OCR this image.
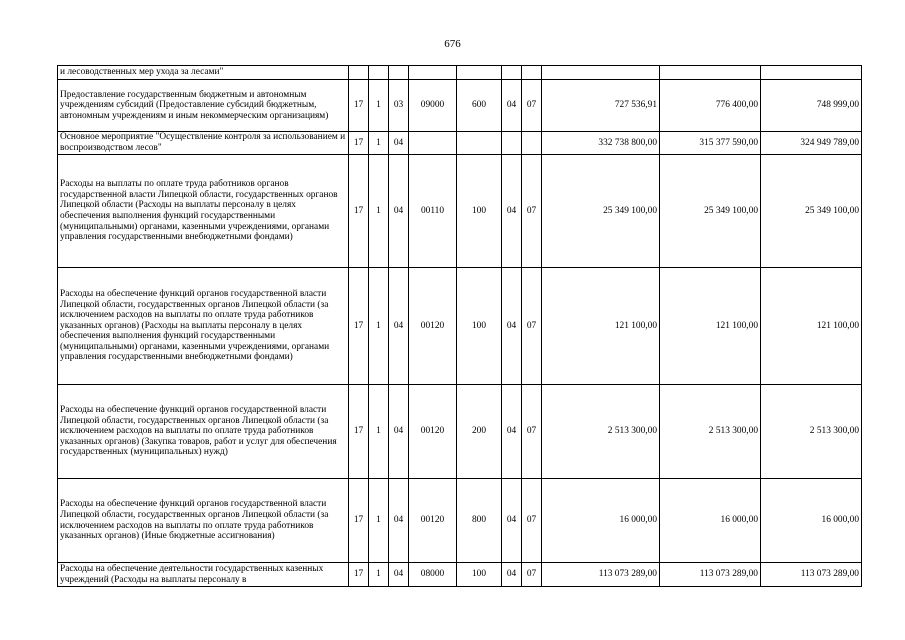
676
и лесоводственных мер ухода за лесами"										
Предоставление государственным бюджетным и автономным учреждениям субсидий (Предоставление субсидий бюджетным, автономным учреждениям и иным некоммерческим организациям)	17	1	03	09000	600	04	07	727 536,91	776 400,00	748 999,00
Основное мероприятие "Осуществление контроля за использованием и воспроизводством лесов"	17	1	04					332 738 800,00	315 377 590,00	324 949 789,00
Расходы на выплаты по оплате труда работников органов государственной власти Липецкой области, государственных органов Липецкой области (Расходы на выплаты персоналу в целях обеспечения выполнения функций государственными (муниципальными) органами, казенными учреждениями, органами управления государственными внебюджетными фондами)	17	1	04	00110	100	04	07	25 349 100,00	25 349 100,00	25 349 100,00
Расходы на обеспечение функций органов государственной власти Липецкой области, государственных органов Липецкой области (за исключением расходов на выплаты по оплате труда работников указанных органов) (Расходы на выплаты персоналу в целях обеспечения выполнения функций государственными (муниципальными) органами, казенными учреждениями, органами управления государственными внебюджетными фондами)	17	1	04	00120	100	04	07	121 100,00	121 100,00	121 100,00
Расходы на обеспечение функций органов государственной власти Липецкой области, государственных органов Липецкой области (за исключением расходов на выплаты по оплате труда работников указанных органов) (Закупка товаров, работ и услуг для обеспечения государственных (муниципальных) нужд)	17	1	04	00120	200	04	07	2 513 300,00	2 513 300,00	2 513 300,00
Расходы на обеспечение функций органов государственной власти Липецкой области, государственных органов Липецкой области (за исключением расходов на выплаты по оплате труда работников указанных органов) (Иные бюджетные ассигнования)	17	1	04	00120	800	04	07	16 000,00	16 000,00	16 000,00
Расходы на обеспечение деятельности государственных казенных учреждений (Расходы на выплаты персоналу в	17	1	04	08000	100	04	07	113 073 289,00	113 073 289,00	113 073 289,00
